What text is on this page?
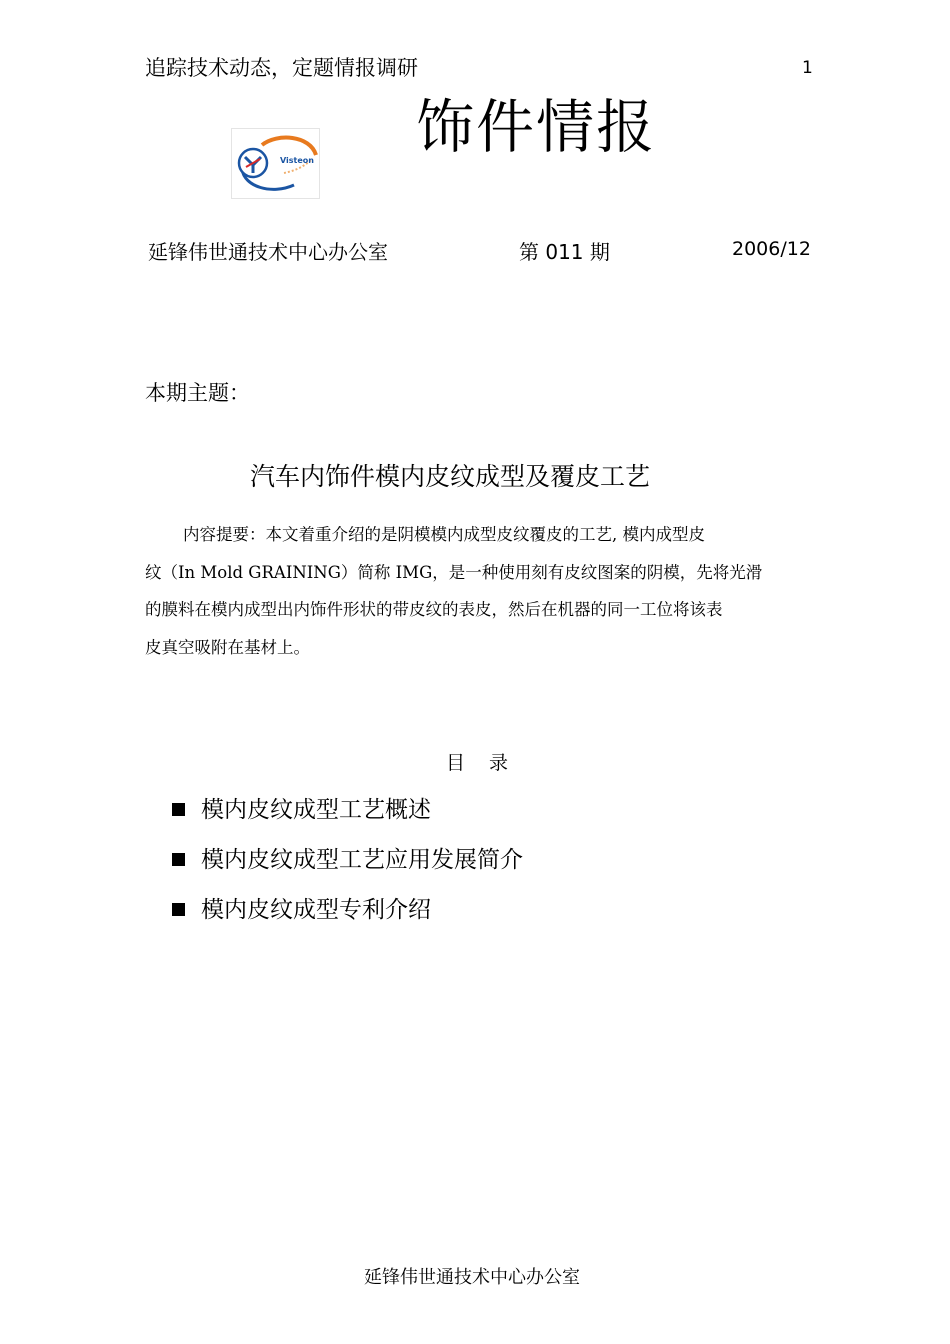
追踪技术动态，定题情报调研	1
饰件情报
Visteon
延锋伟世通技术中心办公室	第 011 期	2006/12
本期主题：
汽车内饰件模内皮纹成型及覆皮工艺
内容提要：本文着重介绍的是阴模模内成型皮纹覆皮的工艺, 模内成型皮
纹（In Mold GRAINING）简称 IMG，是一种使用刻有皮纹图案的阴模，先将光滑
的膜料在模内成型出内饰件形状的带皮纹的表皮，然后在机器的同一工位将该表
皮真空吸附在基材上。
目 录
模内皮纹成型工艺概述
模内皮纹成型工艺应用发展简介
模内皮纹成型专利介绍
延锋伟世通技术中心办公室
